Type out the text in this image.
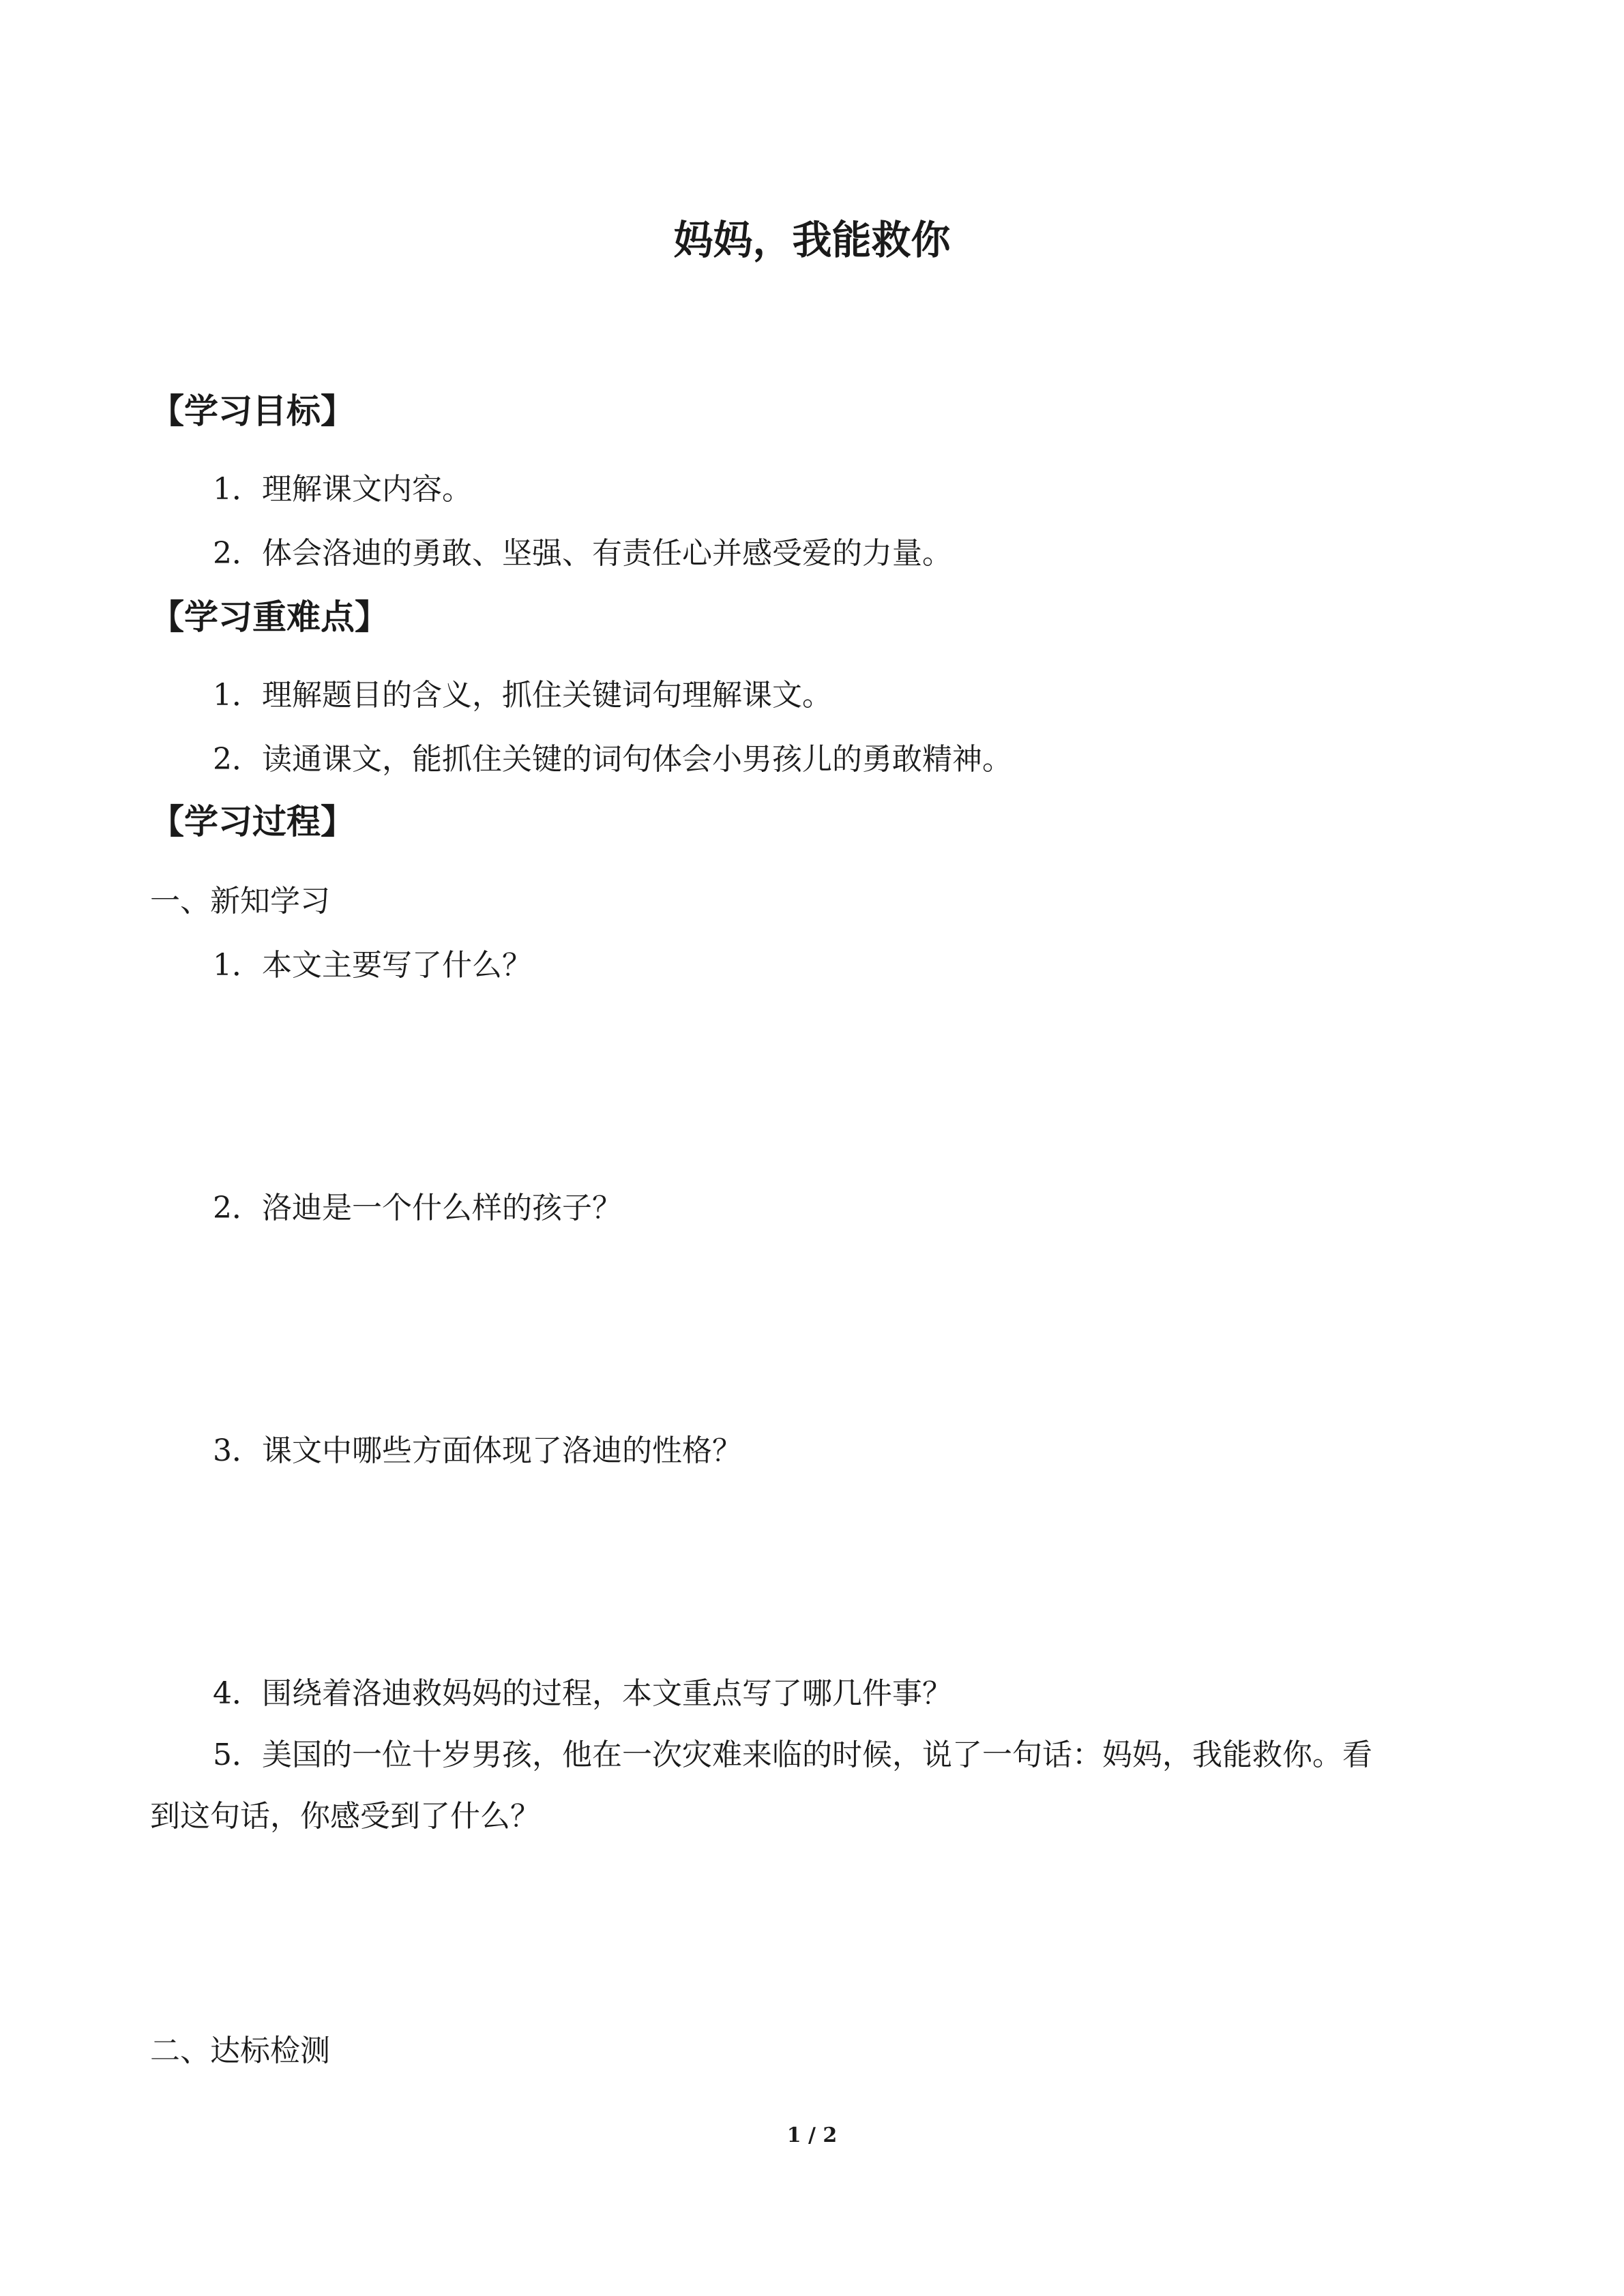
妈妈，我能救你
【学习目标】
1．理解课文内容。
2．体会洛迪的勇敢、坚强、有责任心并感受爱的力量。
【学习重难点】
1．理解题目的含义，抓住关键词句理解课文。
2．读通课文，能抓住关键的词句体会小男孩儿的勇敢精神。
【学习过程】
一、新知学习
1．本文主要写了什么？
2．洛迪是一个什么样的孩子？
3．课文中哪些方面体现了洛迪的性格？
4．围绕着洛迪救妈妈的过程，本文重点写了哪几件事？
5．美国的一位十岁男孩，他在一次灾难来临的时候，说了一句话：妈妈，我能救你。看
到这句话，你感受到了什么？
二、达标检测
1 / 2
